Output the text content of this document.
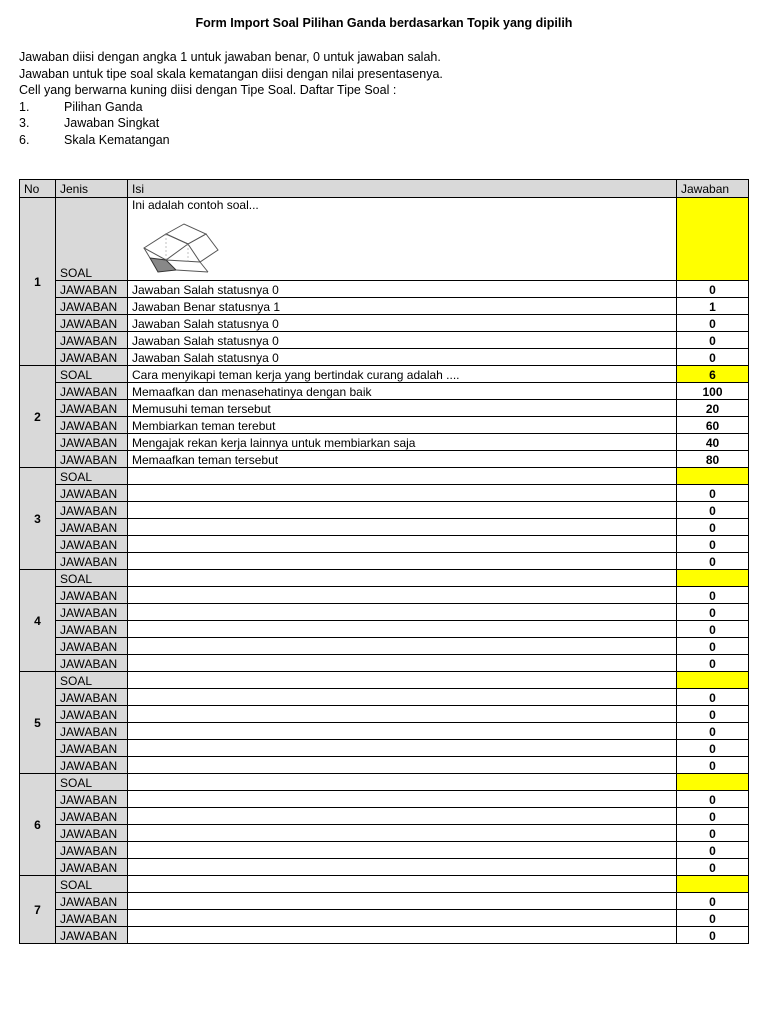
Form Import Soal Pilihan Ganda berdasarkan Topik yang dipilih
Jawaban diisi dengan angka 1 untuk jawaban benar, 0 untuk jawaban salah.
Jawaban untuk tipe soal skala kematangan diisi dengan nilai presentasenya.
Cell yang berwarna kuning diisi dengan Tipe Soal. Daftar Tipe Soal :
1.	Pilihan Ganda
3.	Jawaban Singkat
6.	Skala Kematangan
No	Jenis	Isi	Jawaban
1	SOAL	Ini adalah contoh soal...

	JAWABAN	Jawaban Salah statusnya 0	0
	JAWABAN	Jawaban Benar statusnya 1	1
	JAWABAN	Jawaban Salah statusnya 0	0
	JAWABAN	Jawaban Salah statusnya 0	0
	JAWABAN	Jawaban Salah statusnya 0	0
2	SOAL	Cara menyikapi teman kerja yang bertindak curang adalah ....	6
	JAWABAN	Memaafkan dan menasehatinya dengan baik	100
	JAWABAN	Memusuhi teman tersebut	20
	JAWABAN	Membiarkan teman terebut	60
	JAWABAN	Mengajak rekan kerja lainnya untuk membiarkan saja	40
	JAWABAN	Memaafkan teman tersebut	80
3	SOAL		
	JAWABAN		0
	JAWABAN		0
	JAWABAN		0
	JAWABAN		0
	JAWABAN		0
4	SOAL		
	JAWABAN		0
	JAWABAN		0
	JAWABAN		0
	JAWABAN		0
	JAWABAN		0
5	SOAL		
	JAWABAN		0
	JAWABAN		0
	JAWABAN		0
	JAWABAN		0
	JAWABAN		0
6	SOAL		
	JAWABAN		0
	JAWABAN		0
	JAWABAN		0
	JAWABAN		0
	JAWABAN		0
7	SOAL		
	JAWABAN		0
	JAWABAN		0
	JAWABAN		0
